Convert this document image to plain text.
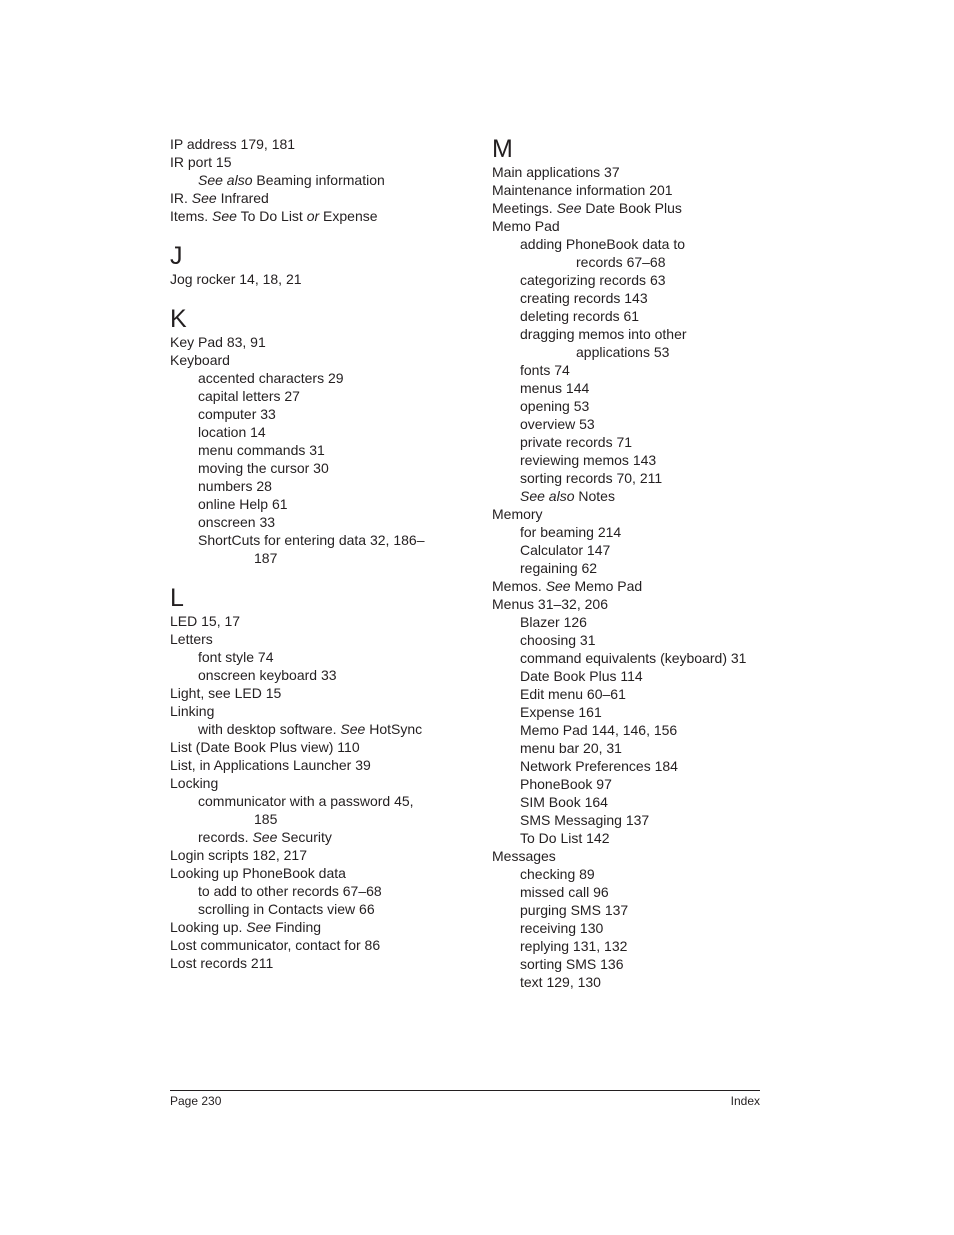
IP address 179, 181
IR port 15
See also Beaming information
IR. See Infrared
Items. See To Do List or Expense
J
Jog rocker 14, 18, 21
K
Key Pad 83, 91
Keyboard
accented characters 29
capital letters 27
computer 33
location 14
menu commands 31
moving the cursor 30
numbers 28
online Help 61
onscreen 33
ShortCuts for entering data 32, 186–
187
L
LED 15, 17
Letters
font style 74
onscreen keyboard 33
Light, see LED 15
Linking
with desktop software. See HotSync
List (Date Book Plus view) 110
List, in Applications Launcher 39
Locking
communicator with a password 45,
185
records. See Security
Login scripts 182, 217
Looking up PhoneBook data
to add to other records 67–68
scrolling in Contacts view 66
Looking up. See Finding
Lost communicator, contact for 86
Lost records 211
M
Main applications 37
Maintenance information 201
Meetings. See Date Book Plus
Memo Pad
adding PhoneBook data to
records 67–68
categorizing records 63
creating records 143
deleting records 61
dragging memos into other
applications 53
fonts 74
menus 144
opening 53
overview 53
private records 71
reviewing memos 143
sorting records 70, 211
See also Notes
Memory
for beaming 214
Calculator 147
regaining 62
Memos. See Memo Pad
Menus 31–32, 206
Blazer 126
choosing 31
command equivalents (keyboard) 31
Date Book Plus 114
Edit menu 60–61
Expense 161
Memo Pad 144, 146, 156
menu bar 20, 31
Network Preferences 184
PhoneBook 97
SIM Book 164
SMS Messaging 137
To Do List 142
Messages
checking 89
missed call 96
purging SMS 137
receiving 130
replying 131, 132
sorting SMS 136
text 129, 130
Page 230	Index
